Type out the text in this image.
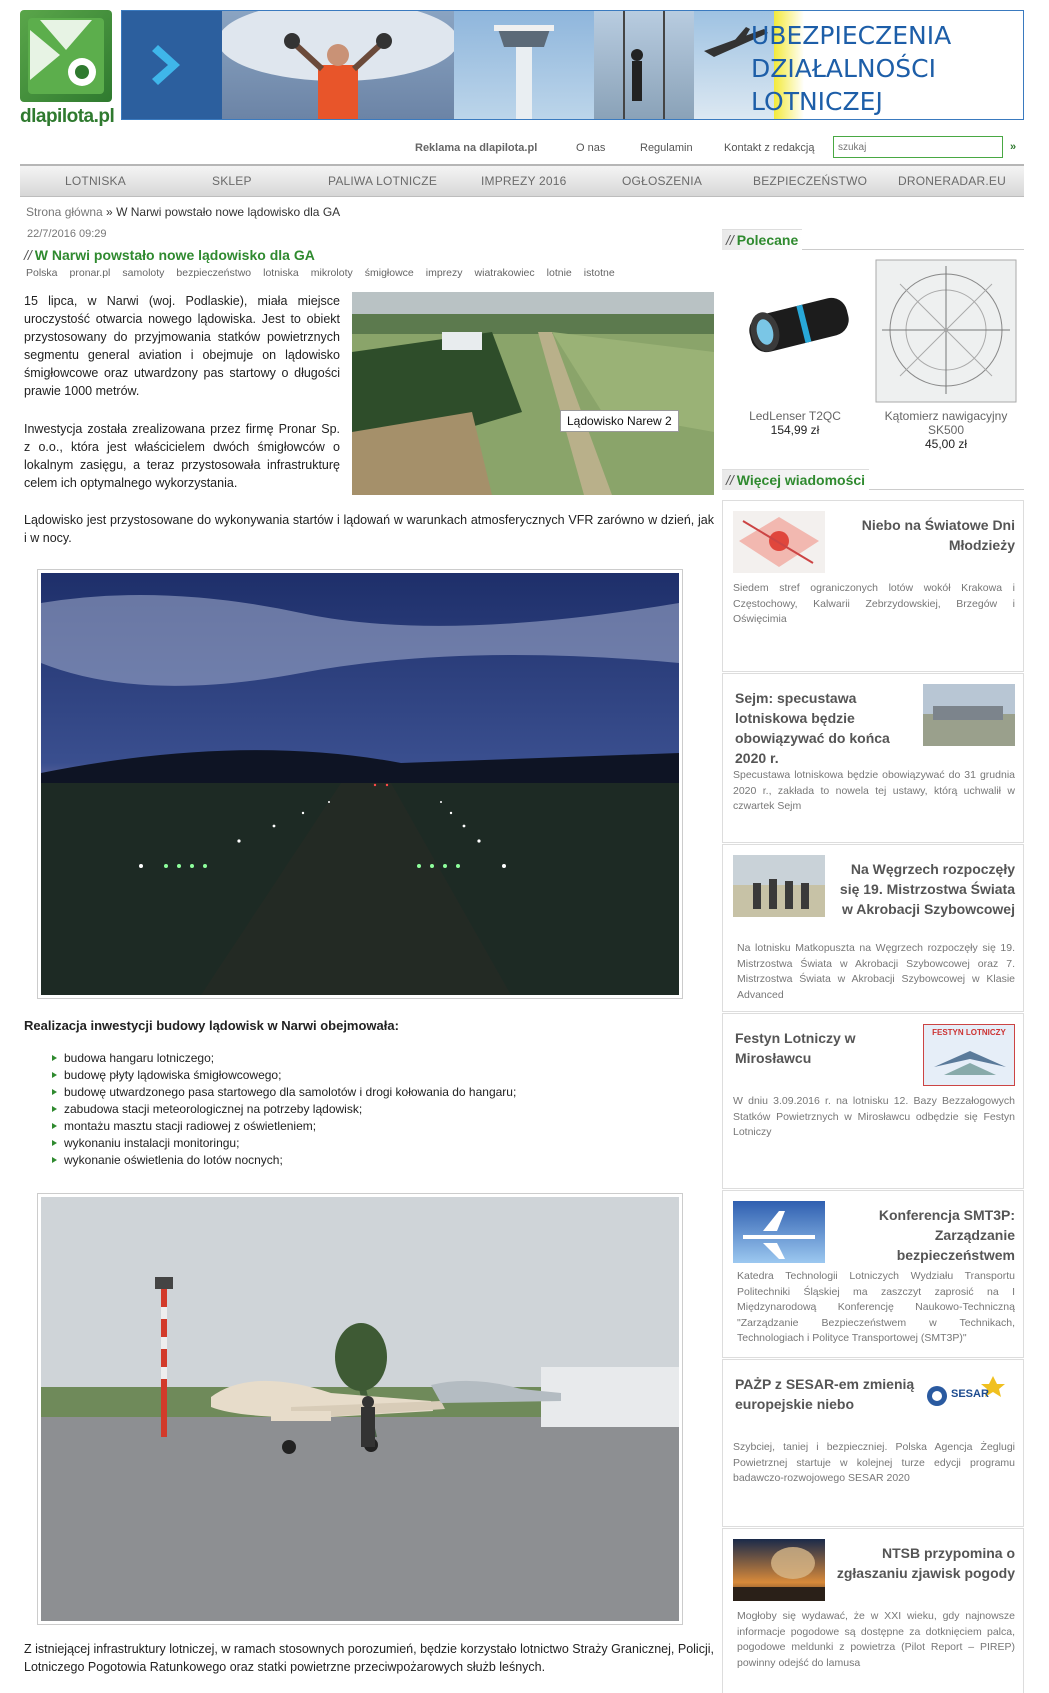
dlapilota.pl
UBEZPIECZENIA
DZIAŁALNOŚCI
LOTNICZEJ
Reklama na dlapilota.pl	O nas	Regulamin	Kontakt z redakcją
szukaj	»
LOTNISKA	SKLEP	PALIWA LOTNICZE	IMPREZY 2016	OGŁOSZENIA	BEZPIECZEŃSTWO	DRONERADAR.EU
Strona główna » W Narwi powstało nowe lądowisko dla GA
22/7/2016 09:29
// W Narwi powstało nowe lądowisko dla GA
Polska pronar.pl samoloty bezpieczeństwo lotniska mikroloty śmigłowce imprezy wiatrakowiec lotnie istotne
15 lipca, w Narwi (woj. Podlaskie), miała miejsce uroczystość otwarcia nowego lądowiska. Jest to obiekt przystosowany do przyjmowania statków powietrznych segmentu general aviation i obejmuje on lądowisko śmigłowcowe oraz utwardzony pas startowy o długości prawie 1000 metrów.
Inwestycja została zrealizowana przez firmę Pronar Sp. z o.o., która jest właścicielem dwóch śmigłowców o lokalnym zasięgu, a teraz przystosowała infrastrukturę celem ich optymalnego wykorzystania.
Lądowisko Narew 2
Lądowisko jest przystosowane do wykonywania startów i lądowań w warunkach atmosferycznych VFR zarówno w dzień, jak i w nocy.
Realizacja inwestycji budowy lądowisk w Narwi obejmowała:
budowa hangaru lotniczego;
budowę płyty lądowiska śmigłowcowego;
budowę utwardzonego pasa startowego dla samolotów i drogi kołowania do hangaru;
zabudowa stacji meteorologicznej na potrzeby lądowisk;
montażu masztu stacji radiowej z oświetleniem;
wykonaniu instalacji monitoringu;
wykonanie oświetlenia do lotów nocnych;
Z istniejącej infrastruktury lotniczej, w ramach stosownych porozumień, będzie korzystało lotnictwo Straży Granicznej, Policji, Lotniczego Pogotowia Ratunkowego oraz statki powietrzne przeciwpożarowych służb leśnych.
// Polecane
LedLenser T2QC
154,99 zł
Kątomierz nawigacyjny SK500
45,00 zł
// Więcej wiadomości
Niebo na Światowe Dni Młodzieży
Siedem stref ograniczonych lotów wokół Krakowa i Częstochowy, Kalwarii Zebrzydowskiej, Brzegów i Oświęcimia
Sejm: specustawa lotniskowa będzie obowiązywać do końca 2020 r.
Specustawa lotniskowa będzie obowiązywać do 31 grudnia 2020 r., zakłada to nowela tej ustawy, którą uchwalił w czwartek Sejm
Na Węgrzech rozpoczęły się 19. Mistrzostwa Świata w Akrobacji Szybowcowej
Na lotnisku Matkopuszta na Węgrzech rozpoczęły się 19. Mistrzostwa Świata w Akrobacji Szybowcowej oraz 7. Mistrzostwa Świata w Akrobacji Szybowcowej w Klasie Advanced
FESTYN LOTNICZY
Festyn Lotniczy w Mirosławcu
W dniu 3.09.2016 r. na lotnisku 12. Bazy Bezzałogowych Statków Powietrznych w Mirosławcu odbędzie się Festyn Lotniczy
Konferencja SMT3P: Zarządzanie bezpieczeństwem
Katedra Technologii Lotniczych Wydziału Transportu Politechniki Śląskiej ma zaszczyt zaprosić na I Międzynarodową Konferencję Naukowo-Techniczną "Zarządzanie Bezpieczeństwem w Technikach, Technologiach i Polityce Transportowej (SMT3P)"
SESAR
PAŻP z SESAR-em zmienią europejskie niebo
Szybciej, taniej i bezpieczniej. Polska Agencja Żeglugi Powietrznej startuje w kolejnej turze edycji programu badawczo-rozwojowego SESAR 2020
NTSB przypomina o zgłaszaniu zjawisk pogody
Mogłoby się wydawać, że w XXI wieku, gdy najnowsze informacje pogodowe są dostępne za dotknięciem palca, pogodowe meldunki z powietrza (Pilot Report – PIREP) powinny odejść do lamusa
